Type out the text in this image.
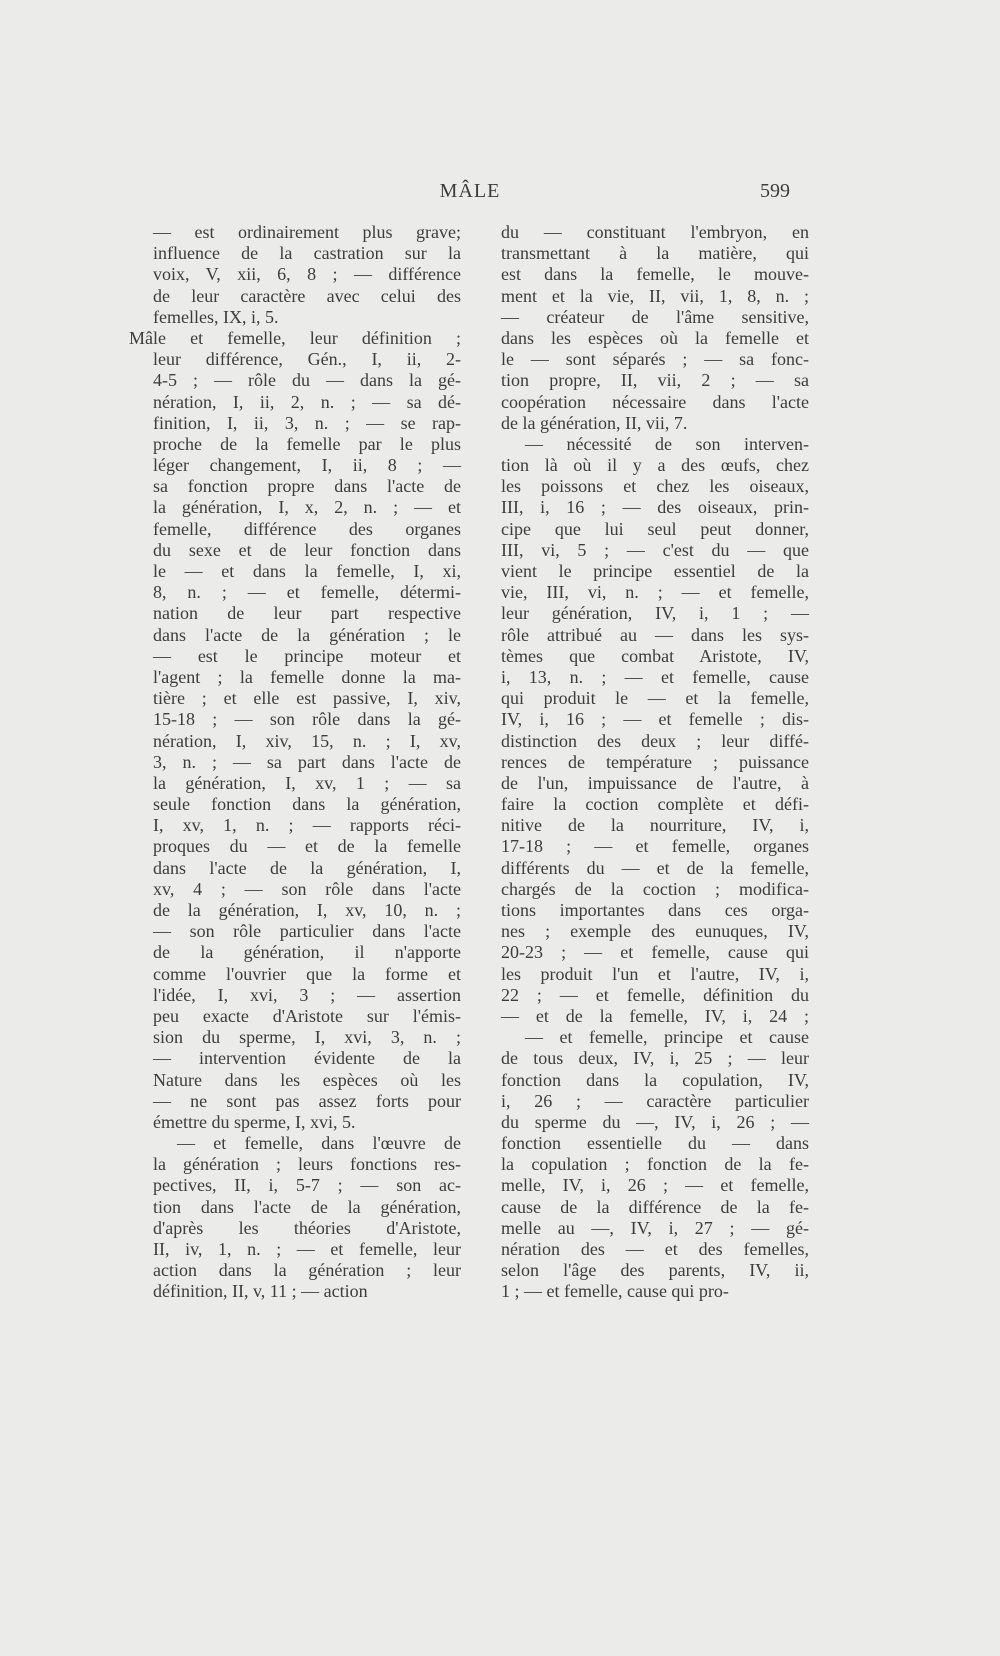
MÂLE	599
— est ordinairement plus grave;
influence de la castration sur la
voix, V, xii, 6, 8 ; — différence
de leur caractère avec celui des
femelles, IX, i, 5.
Mâle et femelle, leur définition ;
leur différence, Gén., I, ii, 2-
4-5 ; — rôle du — dans la gé-
nération, I, ii, 2, n. ; — sa dé-
finition, I, ii, 3, n. ; — se rap-
proche de la femelle par le plus
léger changement, I, ii, 8 ; —
sa fonction propre dans l'acte de
la génération, I, x, 2, n. ; — et
femelle, différence des organes
du sexe et de leur fonction dans
le — et dans la femelle, I, xi,
8, n. ; — et femelle, détermi-
nation de leur part respective
dans l'acte de la génération ; le
— est le principe moteur et
l'agent ; la femelle donne la ma-
tière ; et elle est passive, I, xiv,
15-18 ; — son rôle dans la gé-
nération, I, xiv, 15, n. ; I, xv,
3, n. ; — sa part dans l'acte de
la génération, I, xv, 1 ; — sa
seule fonction dans la génération,
I, xv, 1, n. ; — rapports réci-
proques du — et de la femelle
dans l'acte de la génération, I,
xv, 4 ; — son rôle dans l'acte
de la génération, I, xv, 10, n. ;
— son rôle particulier dans l'acte
de la génération, il n'apporte
comme l'ouvrier que la forme et
l'idée, I, xvi, 3 ; — assertion
peu exacte d'Aristote sur l'émis-
sion du sperme, I, xvi, 3, n. ;
— intervention évidente de la
Nature dans les espèces où les
— ne sont pas assez forts pour
émettre du sperme, I, xvi, 5.
— et femelle, dans l'œuvre de
la génération ; leurs fonctions res-
pectives, II, i, 5-7 ; — son ac-
tion dans l'acte de la génération,
d'après les théories d'Aristote,
II, iv, 1, n. ; — et femelle, leur
action dans la génération ; leur
définition, II, v, 11 ; — action
du — constituant l'embryon, en
transmettant à la matière, qui
est dans la femelle, le mouve-
ment et la vie, II, vii, 1, 8, n. ;
— créateur de l'âme sensitive,
dans les espèces où la femelle et
le — sont séparés ; — sa fonc-
tion propre, II, vii, 2 ; — sa
coopération nécessaire dans l'acte
de la génération, II, vii, 7.
— nécessité de son interven-
tion là où il y a des œufs, chez
les poissons et chez les oiseaux,
III, i, 16 ; — des oiseaux, prin-
cipe que lui seul peut donner,
III, vi, 5 ; — c'est du — que
vient le principe essentiel de la
vie, III, vi, n. ; — et femelle,
leur génération, IV, i, 1 ; —
rôle attribué au — dans les sys-
tèmes que combat Aristote, IV,
i, 13, n. ; — et femelle, cause
qui produit le — et la femelle,
IV, i, 16 ; — et femelle ; dis-
distinction des deux ; leur diffé-
rences de température ; puissance
de l'un, impuissance de l'autre, à
faire la coction complète et défi-
nitive de la nourriture, IV, i,
17-18 ; — et femelle, organes
différents du — et de la femelle,
chargés de la coction ; modifica-
tions importantes dans ces orga-
nes ; exemple des eunuques, IV,
20-23 ; — et femelle, cause qui
les produit l'un et l'autre, IV, i,
22 ; — et femelle, définition du
— et de la femelle, IV, i, 24 ;
— et femelle, principe et cause
de tous deux, IV, i, 25 ; — leur
fonction dans la copulation, IV,
i, 26 ; — caractère particulier
du sperme du —, IV, i, 26 ; —
fonction essentielle du — dans
la copulation ; fonction de la fe-
melle, IV, i, 26 ; — et femelle,
cause de la différence de la fe-
melle au —, IV, i, 27 ; — gé-
nération des — et des femelles,
selon l'âge des parents, IV, ii,
1 ; — et femelle, cause qui pro-
